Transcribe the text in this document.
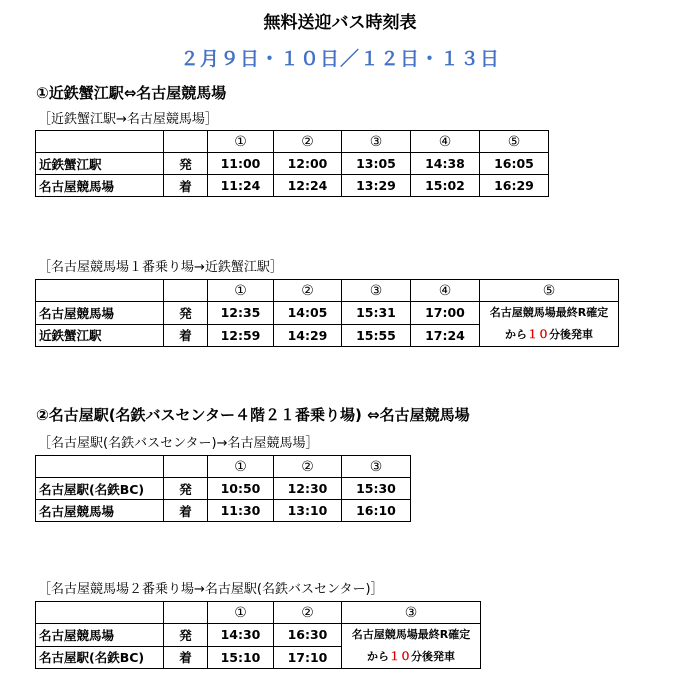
無料送迎バス時刻表
２月９日・１０日／１２日・１３日
①近鉄蟹江駅⇔名古屋競馬場
［近鉄蟹江駅→名古屋競馬場］
		①	②	③	④	⑤
近鉄蟹江駅	発	11:00	12:00	13:05	14:38	16:05
名古屋競馬場	着	11:24	12:24	13:29	15:02	16:29
［名古屋競馬場１番乗り場→近鉄蟹江駅］
		①	②	③	④	⑤
名古屋競馬場	発	12:35	14:05	15:31	17:00	名古屋競馬場最終R確定
から１０分後発車

近鉄蟹江駅	着	12:59	14:29	15:55	17:24	
②名古屋駅(名鉄バスセンター４階２１番乗り場) ⇔名古屋競馬場
［名古屋駅(名鉄バスセンター)→名古屋競馬場］
		①	②	③
名古屋駅(名鉄BC)	発	10:50	12:30	15:30
名古屋競馬場	着	11:30	13:10	16:10
［名古屋競馬場２番乗り場→名古屋駅(名鉄バスセンター)］
		①	②	③
名古屋競馬場	発	14:30	16:30	名古屋競馬場最終R確定
から１０分後発車

名古屋駅(名鉄BC)	着	15:10	17:10	
